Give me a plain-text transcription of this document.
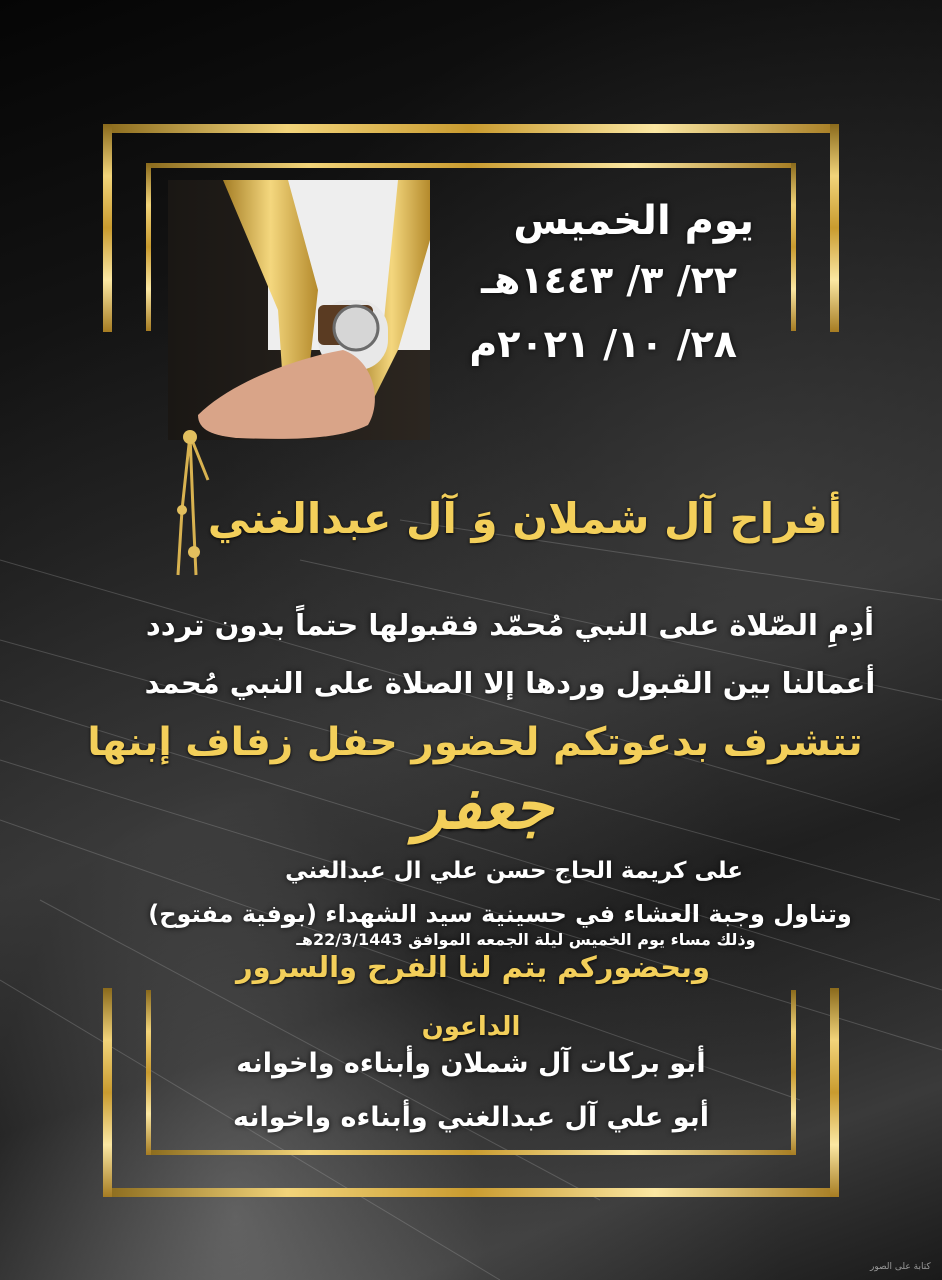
يوم الخميس
٢٢/ ٣/ ١٤٤٣هـ
٢٨/ ١٠/ ٢٠٢١م
أفراح آل شملان وَ آل عبدالغني
أدِمِ الصّلاة على النبي مُحمّد فقبولها حتماً بدون تردد
أعمالنا بين القبول وردها إلا الصلاة على النبي مُحمد
تتشرف بدعوتكم لحضور حفل زفاف إبنها
جعفر
على كريمة الحاج حسن علي ال عبدالغني
وتناول وجبة العشاء في حسينية سيد الشهداء (بوفية مفتوح)
وذلك مساء يوم الخميس ليلة الجمعه الموافق 22/3/1443هـ
وبحضوركم يتم لنا الفرح والسرور
الداعون
أبو بركات آل شملان وأبناءه واخوانه
أبو علي آل عبدالغني وأبناءه واخوانه
كتابة على الصور
